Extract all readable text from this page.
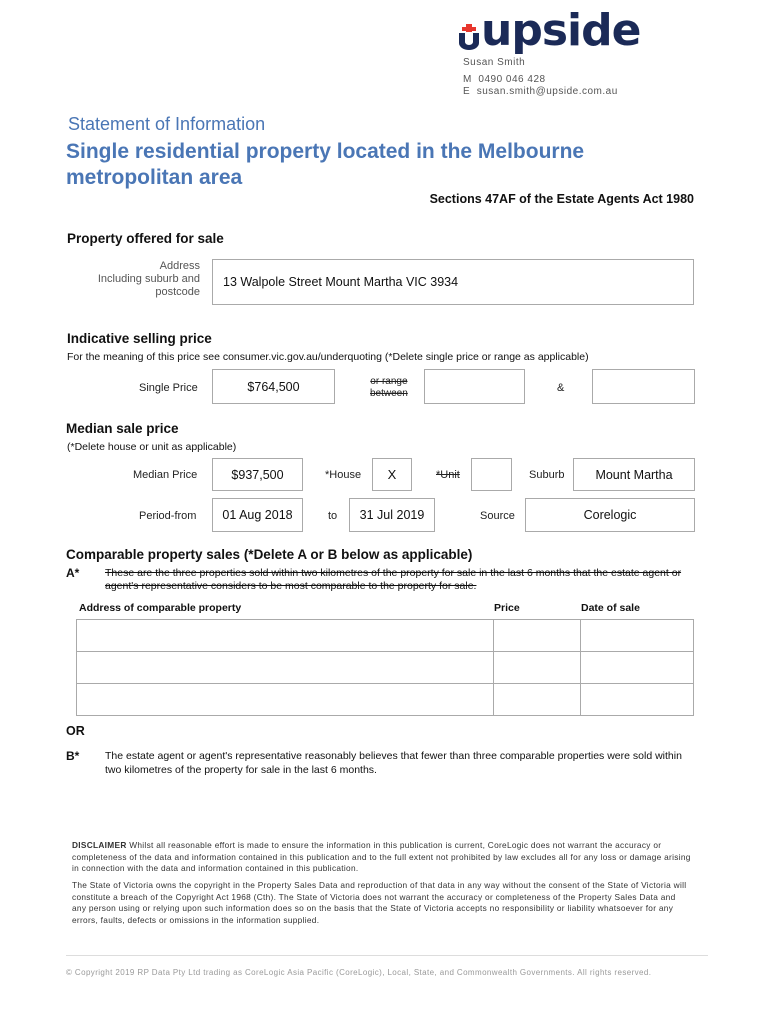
upside
Susan Smith
M 0490 046 428
E susan.smith@upside.com.au
Statement of Information
Single residential property located in the Melbourne metropolitan area
Sections 47AF of the Estate Agents Act 1980
Property offered for sale
Address
Including suburb and
postcode
13 Walpole Street Mount Martha VIC 3934
Indicative selling price
For the meaning of this price see consumer.vic.gov.au/underquoting (*Delete single price or range as applicable)
Single Price	$764,500	or range
between	&
Median sale price
(*Delete house or unit as applicable)
Median Price	$937,500	*House X	*Unit	Suburb Mount Martha
Period-from 01 Aug 2018	to 31 Jul 2019	Source	Corelogic
Comparable property sales (*Delete A or B below as applicable)
A* These are the three properties sold within two kilometres of the property for sale in the last 6 months that the estate agent or agent's representative considers to be most comparable to the property for sale.
Address of comparable property	Price	Date of sale

OR
B* The estate agent or agent's representative reasonably believes that fewer than three comparable properties were sold within two kilometres of the property for sale in the last 6 months.
DISCLAIMER Whilst all reasonable effort is made to ensure the information in this publication is current, CoreLogic does not warrant the accuracy or completeness of the data and information contained in this publication and to the full extent not prohibited by law excludes all for any loss or damage arising in connection with the data and information contained in this publication.
The State of Victoria owns the copyright in the Property Sales Data and reproduction of that data in any way without the consent of the State of Victoria will constitute a breach of the Copyright Act 1968 (Cth). The State of Victoria does not warrant the accuracy or completeness of the Property Sales Data and any person using or relying upon such information does so on the basis that the State of Victoria accepts no responsibility or liability whatsoever for any errors, faults, defects or omissions in the information supplied.
© Copyright 2019 RP Data Pty Ltd trading as CoreLogic Asia Pacific (CoreLogic), Local, State, and Commonwealth Governments. All rights reserved.
